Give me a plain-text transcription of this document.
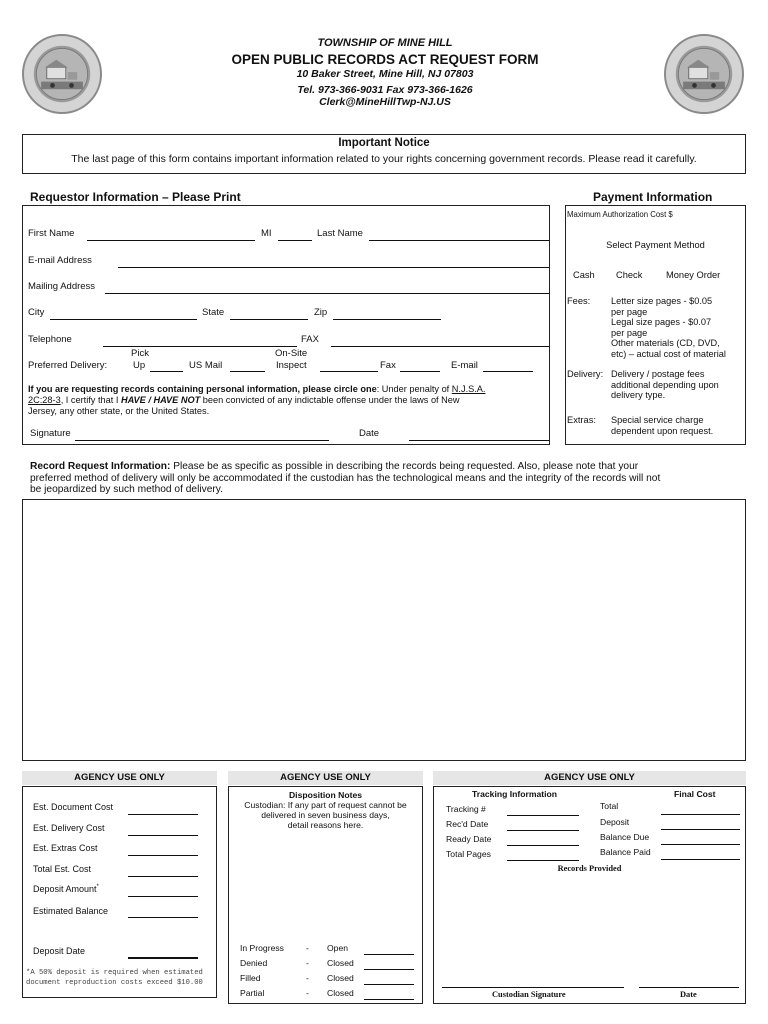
TOWNSHIP OF MINE HILL
OPEN PUBLIC RECORDS ACT REQUEST FORM
10 Baker Street, Mine Hill, NJ 07803
Tel. 973-366-9031 Fax 973-366-1626
Clerk@MineHillTwp-NJ.US
Important Notice
The last page of this form contains important information related to your rights concerning government records. Please read it carefully.
Requestor Information – Please Print
First Name	MI	Last Name
E-mail Address
Mailing Address
City	State	Zip
Telephone	FAX
Pick	On-Site
Preferred Delivery:	Up	US Mail	Inspect	Fax	E-mail
If you are requesting records containing personal information, please circle one: Under penalty of N.J.S.A.
2C:28-3, I certify that I HAVE / HAVE NOT been convicted of any indictable offense under the laws of New
Jersey, any other state, or the United States.
Signature	Date
Payment Information
Maximum Authorization Cost $
Select Payment Method
Cash Check	Money Order
Fees: Letter size pages - $0.05
per page
Legal size pages - $0.07
per page
Other materials (CD, DVD,
etc) – actual cost of material
Delivery: Delivery / postage fees
additional depending upon
delivery type.
Extras: Special service charge
dependent upon request.
Record Request Information: Please be as specific as possible in describing the records being requested. Also, please note that your
preferred method of delivery will only be accommodated if the custodian has the technological means and the integrity of the records will not
be jeopardized by such method of delivery.
AGENCY USE ONLY
Est. Document Cost
Est. Delivery Cost
Est. Extras Cost
Total Est. Cost
Deposit Amount*
Estimated Balance
Deposit Date
*A 50% deposit is required when estimated
document reproduction costs exceed $10.00
AGENCY USE ONLY
Disposition Notes
Custodian: If any part of request cannot be
delivered in seven business days,
detail reasons here.
In Progress	- Open
Denied	- Closed
Filled	- Closed
Partial	- Closed
AGENCY USE ONLY
Tracking Information	Final Cost
Tracking #
Rec'd Date
Ready Date
Total Pages
Total
Deposit
Balance Due
Balance Paid
Records Provided
Custodian Signature	Date
